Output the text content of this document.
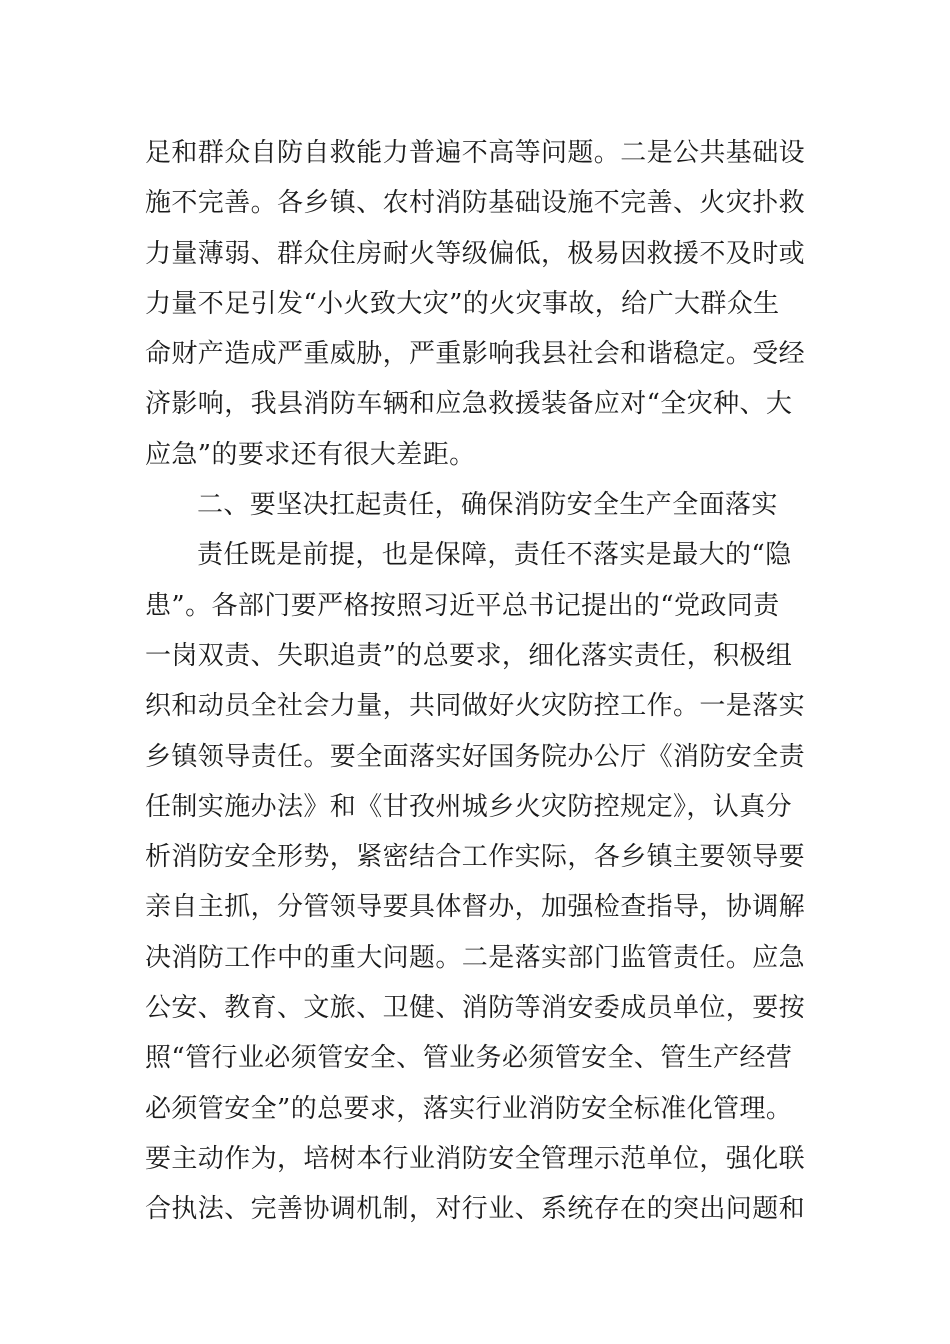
足和群众自防自救能力普遍不高等问题。二是公共基础设
施不完善。各乡镇、农村消防基础设施不完善、火灾扑救
力量薄弱、群众住房耐火等级偏低，极易因救援不及时或
力量不足引发“小火致大灾”的火灾事故，给广大群众生
命财产造成严重威胁，严重影响我县社会和谐稳定。受经
济影响，我县消防车辆和应急救援装备应对“全灾种、大
应急”的要求还有很大差距。
二、要坚决扛起责任，确保消防安全生产全面落实
责任既是前提，也是保障，责任不落实是最大的“隐
患”。各部门要严格按照习近平总书记提出的“党政同责
一岗双责、失职追责”的总要求，细化落实责任，积极组
织和动员全社会力量，共同做好火灾防控工作。一是落实
乡镇领导责任。要全面落实好国务院办公厅《消防安全责
任制实施办法》和《甘孜州城乡火灾防控规定》，认真分
析消防安全形势，紧密结合工作实际，各乡镇主要领导要
亲自主抓，分管领导要具体督办，加强检查指导，协调解
决消防工作中的重大问题。二是落实部门监管责任。应急
公安、教育、文旅、卫健、消防等消安委成员单位，要按
照“管行业必须管安全、管业务必须管安全、管生产经营
必须管安全”的总要求，落实行业消防安全标准化管理。
要主动作为，培树本行业消防安全管理示范单位，强化联
合执法、完善协调机制，对行业、系统存在的突出问题和
